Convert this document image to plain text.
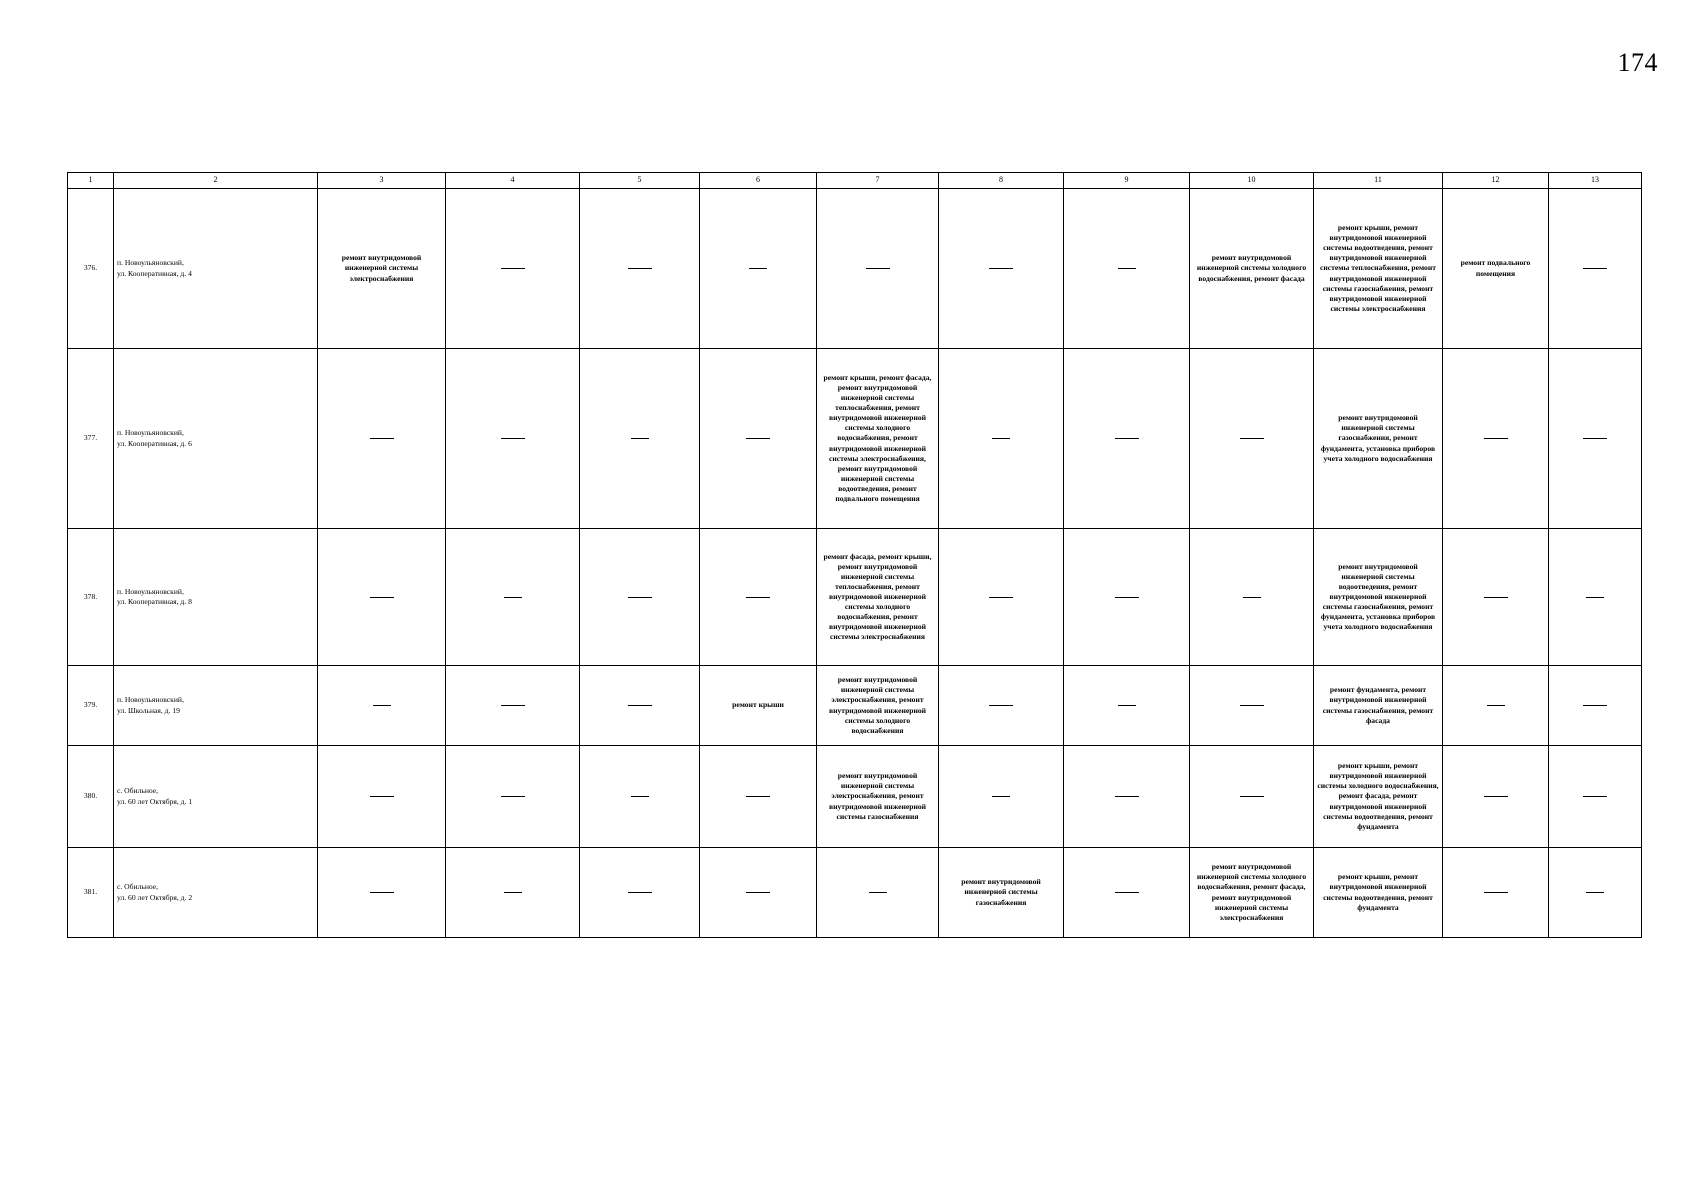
174
1	2	3	4	5	6	7	8	9	10	11	12	13
376.	п. Новоульяновский,
ул. Кооперативная, д. 4	ремонт внутридомовой инженерной системы электроснабжения							ремонт внутридомовой инженерной системы холодного водоснабжения, ремонт фасада	ремонт крыши, ремонт внутридомовой инженерной системы водоотведения, ремонт внутридомовой инженерной системы теплоснабжения, ремонт внутридомовой инженерной системы газоснабжения, ремонт внутридомовой инженерной системы электроснабжения	ремонт подвального помещения	
377.	п. Новоульяновский,
ул. Кооперативная, д. 6					ремонт крыши, ремонт фасада, ремонт внутридомовой инженерной системы теплоснабжения, ремонт внутридомовой инженерной системы холодного водоснабжения, ремонт внутридомовой инженерной системы электроснабжения, ремонт внутридомовой инженерной системы водоотведения, ремонт подвального помещения				ремонт внутридомовой инженерной системы газоснабжения, ремонт фундамента, установка приборов учета холодного водоснабжения		
378.	п. Новоульяновский,
ул. Кооперативная, д. 8					ремонт фасада, ремонт крыши, ремонт внутридомовой инженерной системы теплоснабжения, ремонт внутридомовой инженерной системы холодного водоснабжения, ремонт внутридомовой инженерной системы электроснабжения				ремонт внутридомовой инженерной системы водоотведения, ремонт внутридомовой инженерной системы газоснабжения, ремонт фундамента, установка приборов учета холодного водоснабжения		
379.	п. Новоульяновский,
ул. Школьная, д. 19				ремонт крыши	ремонт внутридомовой инженерной системы электроснабжения, ремонт внутридомовой инженерной системы холодного водоснабжения				ремонт фундамента, ремонт внутридомовой инженерной системы газоснабжения, ремонт фасада		
380.	с. Обильное,
ул. 60 лет Октября, д. 1					ремонт внутридомовой инженерной системы электроснабжения, ремонт внутридомовой инженерной системы газоснабжения				ремонт крыши, ремонт внутридомовой инженерной системы холодного водоснабжения, ремонт фасада, ремонт внутридомовой инженерной системы водоотведения, ремонт фундамента		
381.	с. Обильное,
ул. 60 лет Октября, д. 2						ремонт внутридомовой инженерной системы газоснабжения		ремонт внутридомовой инженерной системы холодного водоснабжения, ремонт фасада, ремонт внутридомовой инженерной системы электроснабжения	ремонт крыши, ремонт внутридомовой инженерной системы водоотведения, ремонт фундамента		
